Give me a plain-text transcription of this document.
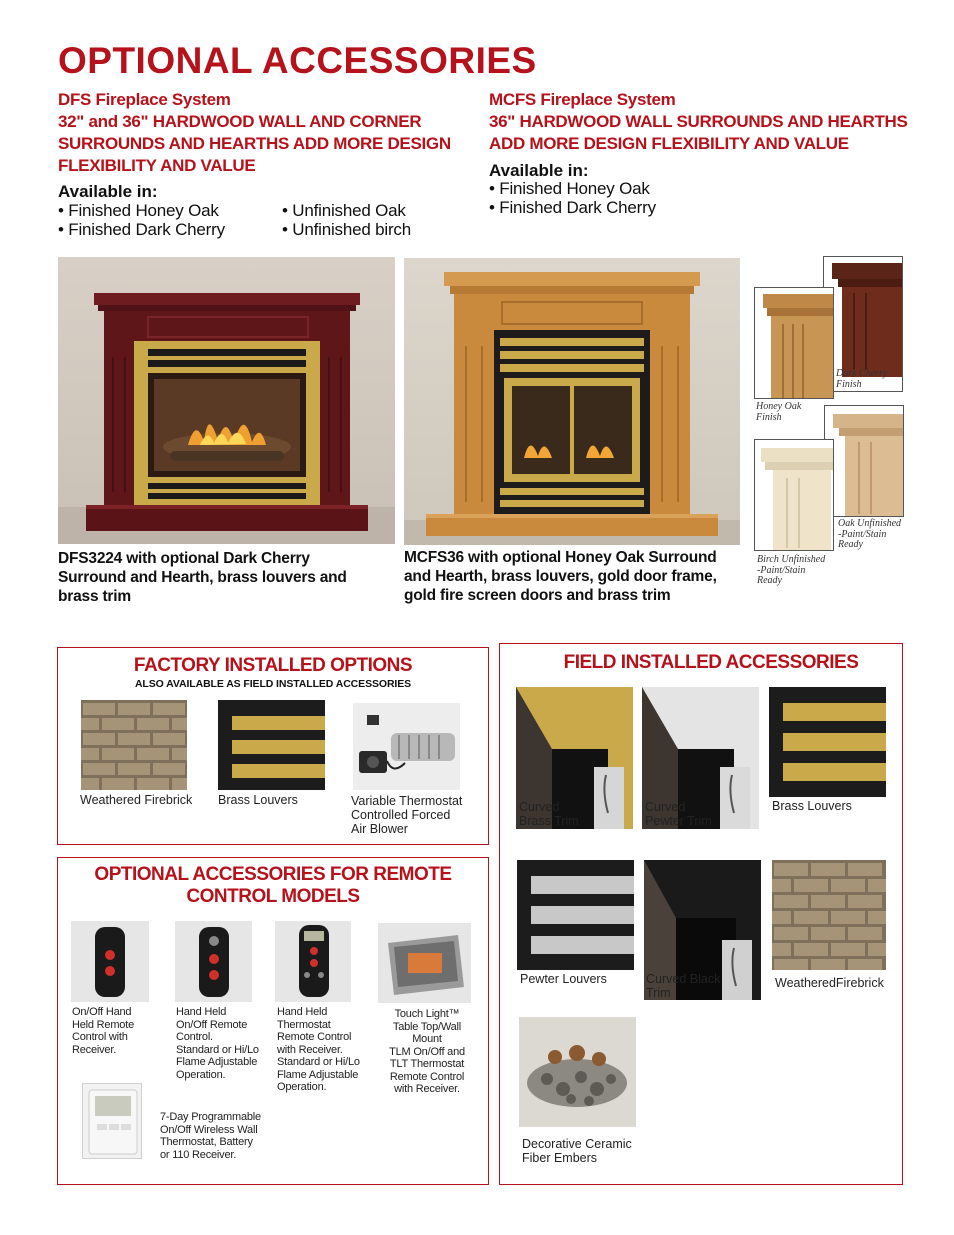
OPTIONAL ACCESSORIES
DFS Fireplace System
32" and 36" HARDWOOD WALL AND CORNER
SURROUNDS AND HEARTHS ADD MORE DESIGN
FLEXIBILITY AND VALUE
Available in:
• Finished Honey Oak
• Finished Dark Cherry
• Unfinished Oak
• Unfinished birch
MCFS Fireplace System
36" HARDWOOD WALL SURROUNDS AND HEARTHS
ADD MORE DESIGN FLEXIBILITY AND VALUE
Available in:
• Finished Honey Oak
• Finished Dark Cherry
DFS3224 with optional Dark Cherry
Surround and Hearth, brass louvers and
brass trim
MCFS36 with optional Honey Oak Surround
and Hearth, brass louvers, gold door frame,
gold fire screen doors and brass trim
Dark Cherry
Finish
Honey Oak
Finish
Oak Unfinished
-Paint/Stain
Ready
Birch Unfinished
-Paint/Stain
Ready
FACTORY INSTALLED OPTIONS
ALSO AVAILABLE AS FIELD INSTALLED ACCESSORIES
Weathered Firebrick Brass Louvers	Variable Thermostat
Controlled Forced
Air Blower
OPTIONAL ACCESSORIES FOR REMOTE
CONTROL MODELS
On/Off Hand
Held Remote
Control with
Receiver.
Hand Held
On/Off Remote
Control.
Standard or Hi/Lo
Flame Adjustable
Operation.
Hand Held
Thermostat
Remote Control
with Receiver.
Standard or Hi/Lo
Flame Adjustable
Operation.
Touch Light™
Table Top/Wall
Mount
TLM On/Off and
TLT Thermostat
Remote Control
with Receiver.
7-Day Programmable
On/Off Wireless Wall
Thermostat, Battery
or 110 Receiver.
FIELD INSTALLED ACCESSORIES
Curved
Brass Trim
Curved
Pewter Trim
Brass Louvers
Pewter Louvers	Curved Black
Trim
WeatheredFirebrick
Decorative Ceramic
Fiber Embers
